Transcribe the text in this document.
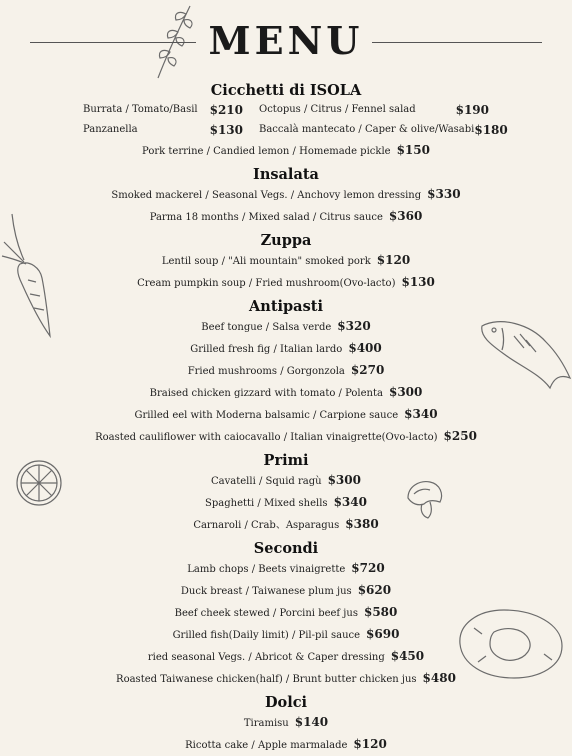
MENU
Cicchetti di ISOLA
Burrata / Tomato/Basil $210 Octopus / Citrus / Fennel salad	$190
Panzanella	$130 Baccalà mantecato / Caper & olive/Wasabi $180
Pork terrine / Candied lemon / Homemade pickle $150
Insalata
Smoked mackerel / Seasonal Vegs. / Anchovy lemon dressing $330
Parma 18 months / Mixed salad / Citrus sauce $360
Zuppa
Lentil soup / "Ali mountain" smoked pork $120
Cream pumpkin soup / Fried mushroom(Ovo-lacto) $130
Antipasti
Beef tongue / Salsa verde $320
Grilled fresh fig / Italian lardo $400
Fried mushrooms / Gorgonzola $270
Braised chicken gizzard with tomato / Polenta $300
Grilled eel with Moderna balsamic / Carpione sauce $340
Roasted cauliflower with caiocavallo / Italian vinaigrette(Ovo-lacto) $250
Primi
Cavatelli / Squid ragù $300
Spaghetti / Mixed shells $340
Carnaroli / Crab、Asparagus $380
Secondi
Lamb chops / Beets vinaigrette $720
Duck breast / Taiwanese plum jus $620
Beef cheek stewed / Porcini beef jus $580
Grilled fish(Daily limit) / Pil-pil sauce $690
ried seasonal Vegs. / Abricot & Caper dressing $450
Roasted Taiwanese chicken(half) / Brunt butter chicken jus $480
Dolci
Tiramisu $140
Ricotta cake / Apple marmalade $120
